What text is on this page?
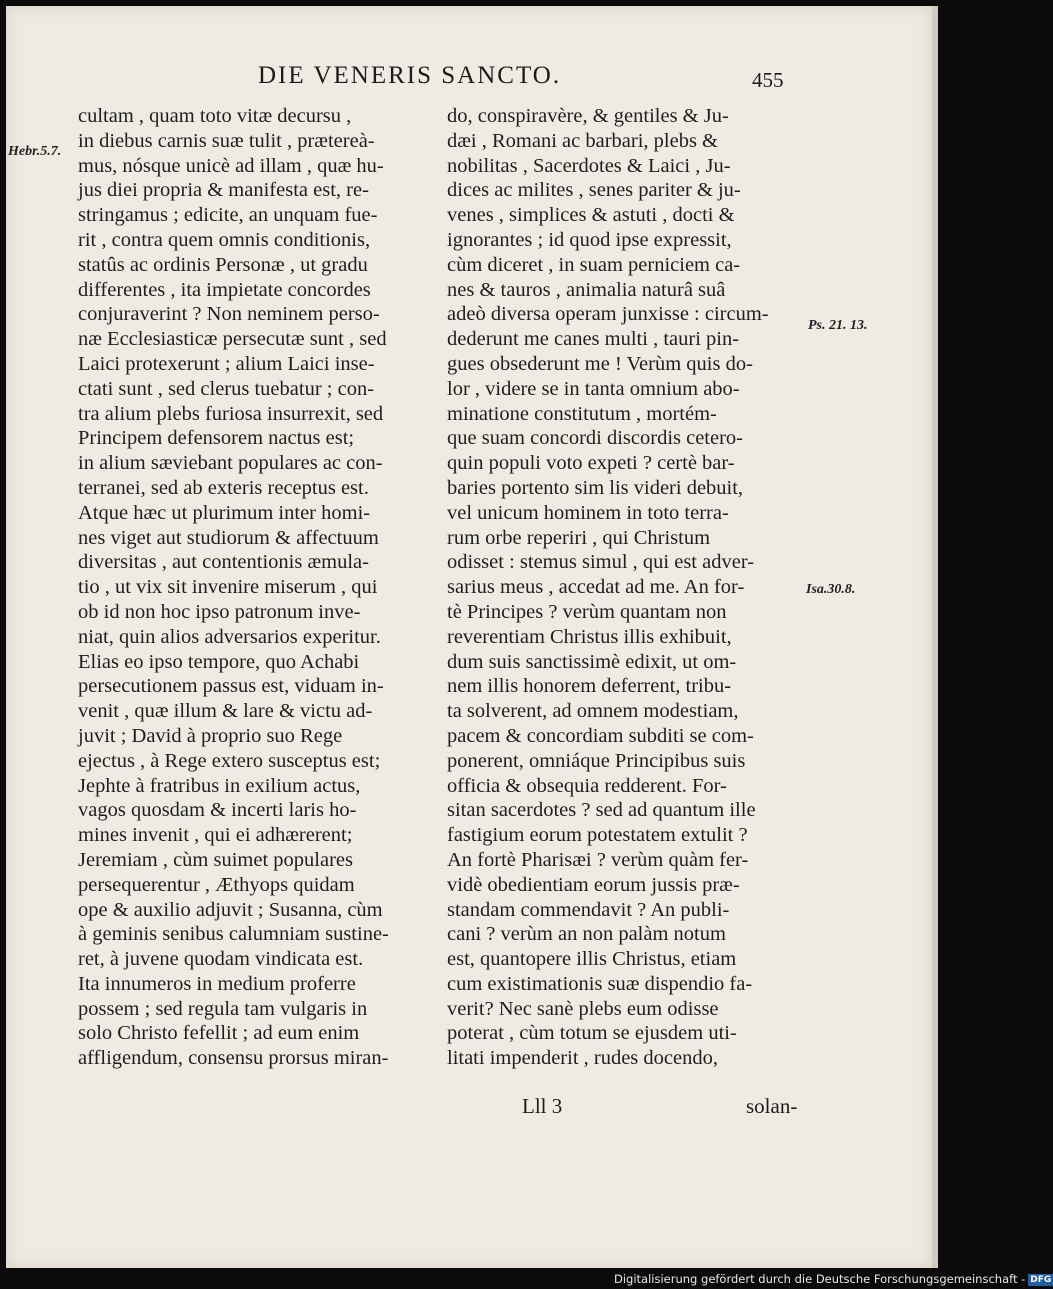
DIE VENERIS SANCTO.	455
Hebr.5.7.
Ps. 21. 13.
Isa.30.8.
cultam , quam toto vitæ decursu ,
in diebus carnis suæ tulit , prætereà-
mus, nósque unicè ad illam , quæ hu-
jus diei propria & manifesta est, re-
stringamus ; edicite, an unquam fue-
rit , contra quem omnis conditionis,
statûs ac ordinis Personæ , ut gradu
differentes , ita impietate concordes
conjuraverint ? Non neminem perso-
næ Ecclesiasticæ persecutæ sunt , sed
Laici protexerunt ; alium Laici inse-
ctati sunt , sed clerus tuebatur ; con-
tra alium plebs furiosa insurrexit, sed
Principem defensorem nactus est;
in alium sæviebant populares ac con-
terranei, sed ab exteris receptus est.
Atque hæc ut plurimum inter homi-
nes viget aut studiorum & affectuum
diversitas , aut contentionis æmula-
tio , ut vix sit invenire miserum , qui
ob id non hoc ipso patronum inve-
niat, quin alios adversarios experitur.
Elias eo ipso tempore, quo Achabi
persecutionem passus est, viduam in-
venit , quæ illum & lare & victu ad-
juvit ; David à proprio suo Rege
ejectus , à Rege extero susceptus est;
Jephte à fratribus in exilium actus,
vagos quosdam & incerti laris ho-
mines invenit , qui ei adhærerent;
Jeremiam , cùm suimet populares
persequerentur , Æthyops quidam
ope & auxilio adjuvit ; Susanna, cùm
à geminis senibus calumniam sustine-
ret, à juvene quodam vindicata est.
Ita innumeros in medium proferre
possem ; sed regula tam vulgaris in
solo Christo fefellit ; ad eum enim
affligendum, consensu prorsus miran-
do, conspiravère, & gentiles & Ju-
dæi , Romani ac barbari, plebs &
nobilitas , Sacerdotes & Laici , Ju-
dices ac milites , senes pariter & ju-
venes , simplices & astuti , docti &
ignorantes ; id quod ipse expressit,
cùm diceret , in suam perniciem ca-
nes & tauros , animalia naturâ suâ
adeò diversa operam junxisse : circum-
dederunt me canes multi , tauri pin-
gues obsederunt me ! Verùm quis do-
lor , videre se in tanta omnium abo-
minatione constitutum , mortém-
que suam concordi discordis cetero-
quin populi voto expeti ? certè bar-
baries portento sim lis videri debuit,
vel unicum hominem in toto terra-
rum orbe reperiri , qui Christum
odisset : stemus simul , qui est adver-
sarius meus , accedat ad me. An for-
tè Principes ? verùm quantam non
reverentiam Christus illis exhibuit,
dum suis sanctissimè edixit, ut om-
nem illis honorem deferrent, tribu-
ta solverent, ad omnem modestiam,
pacem & concordiam subditi se com-
ponerent, omniáque Principibus suis
officia & obsequia redderent. For-
sitan sacerdotes ? sed ad quantum ille
fastigium eorum potestatem extulit ?
An fortè Pharisæi ? verùm quàm fer-
vidè obedientiam eorum jussis præ-
standam commendavit ? An publi-
cani ? verùm an non palàm notum
est, quantopere illis Christus, etiam
cum existimationis suæ dispendio fa-
verit? Nec sanè plebs eum odisse
poterat , cùm totum se ejusdem uti-
litati impenderit , rudes docendo,
Lll 3	solan-
Digitalisierung gefördert durch die Deutsche Forschungsgemeinschaft - DFG
